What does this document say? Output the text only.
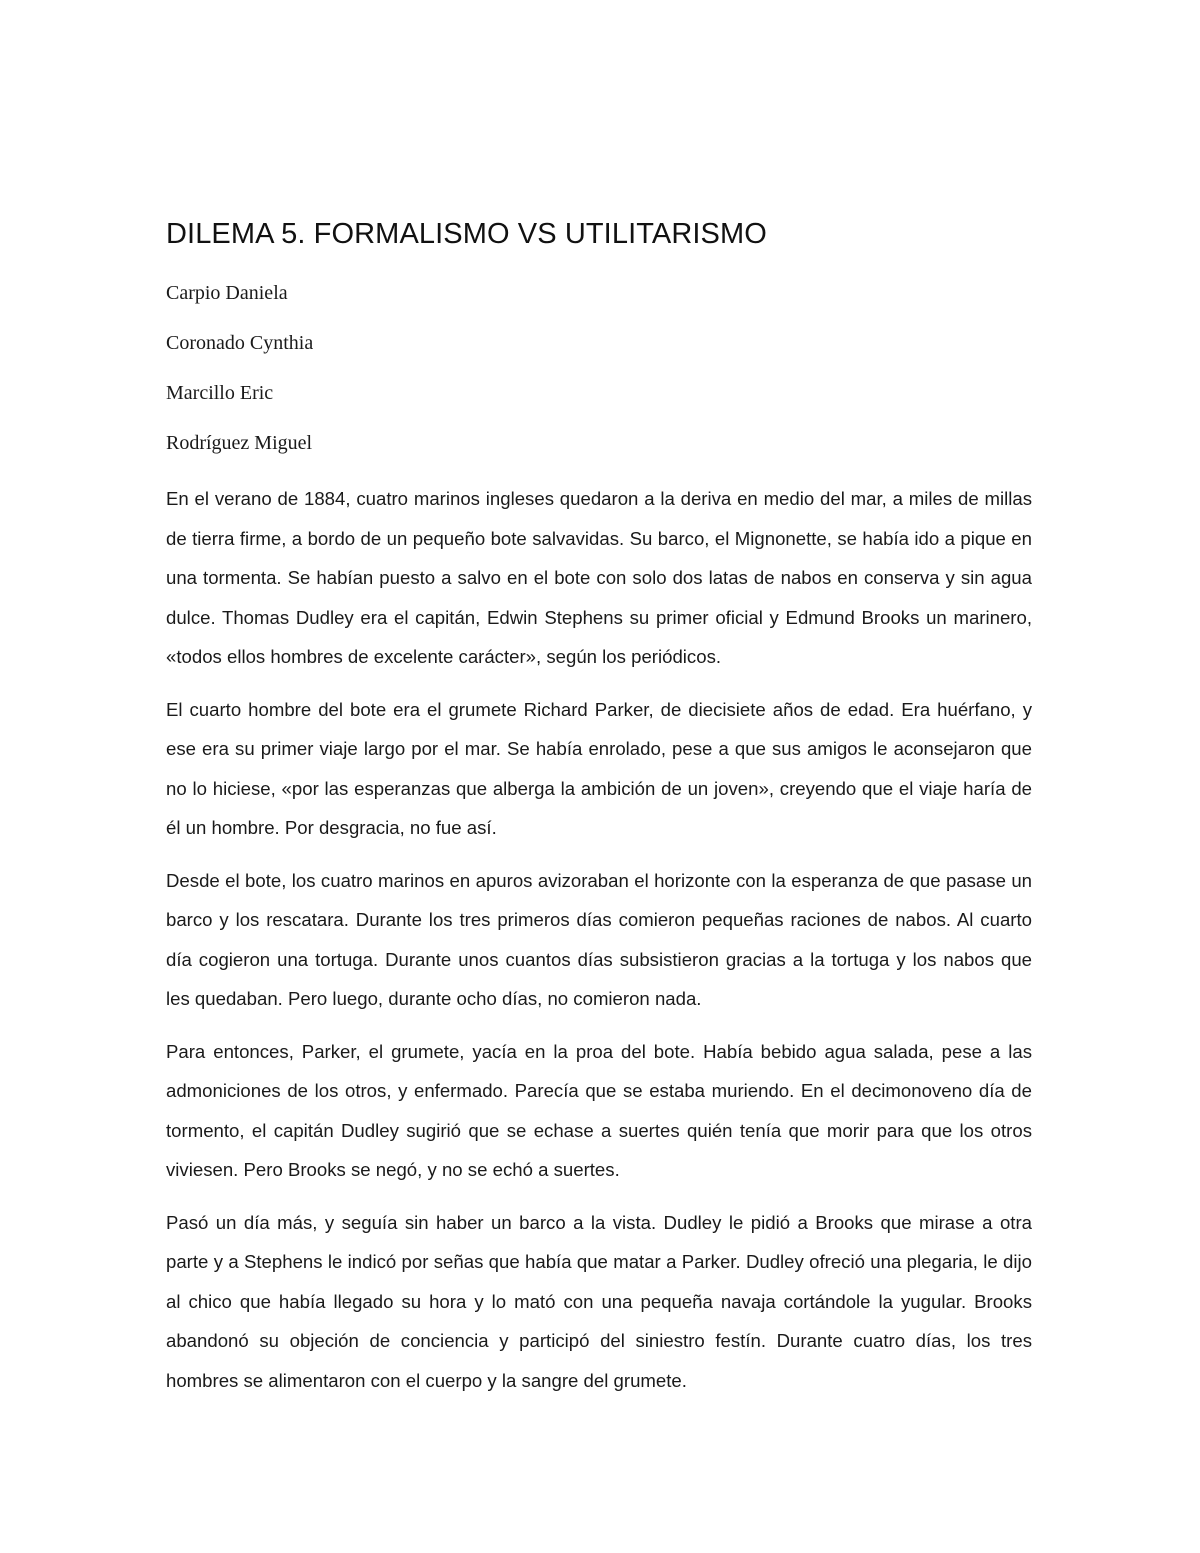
DILEMA 5. FORMALISMO VS UTILITARISMO

Carpio Daniela

Coronado Cynthia

Marcillo Eric

Rodríguez Miguel

En el verano de 1884, cuatro marinos ingleses quedaron a la deriva en medio del mar, a miles de millas de tierra firme, a bordo de un pequeño bote salvavidas. Su barco, el Mignonette, se había ido a pique en una tormenta. Se habían puesto a salvo en el bote con solo dos latas de nabos en conserva y sin agua dulce. Thomas Dudley era el capitán, Edwin Stephens su primer oficial y Edmund Brooks un marinero, «todos ellos hombres de excelente carácter», según los periódicos.

El cuarto hombre del bote era el grumete Richard Parker, de diecisiete años de edad. Era huérfano, y ese era su primer viaje largo por el mar. Se había enrolado, pese a que sus amigos le aconsejaron que no lo hiciese, «por las esperanzas que alberga la ambición de un joven», creyendo que el viaje haría de él un hombre. Por desgracia, no fue así.

Desde el bote, los cuatro marinos en apuros avizoraban el horizonte con la esperanza de que pasase un barco y los rescatara. Durante los tres primeros días comieron pequeñas raciones de nabos. Al cuarto día cogieron una tortuga. Durante unos cuantos días subsistieron gracias a la tortuga y los nabos que les quedaban. Pero luego, durante ocho días, no comieron nada.

Para entonces, Parker, el grumete, yacía en la proa del bote. Había bebido agua salada, pese a las admoniciones de los otros, y enfermado. Parecía que se estaba muriendo. En el decimonoveno día de tormento, el capitán Dudley sugirió que se echase a suertes quién tenía que morir para que los otros viviesen. Pero Brooks se negó, y no se echó a suertes.

Pasó un día más, y seguía sin haber un barco a la vista. Dudley le pidió a Brooks que mirase a otra parte y a Stephens le indicó por señas que había que matar a Parker. Dudley ofreció una plegaria, le dijo al chico que había llegado su hora y lo mató con una pequeña navaja cortándole la yugular. Brooks abandonó su objeción de conciencia y participó del siniestro festín. Durante cuatro días, los tres hombres se alimentaron con el cuerpo y la sangre del grumete.
